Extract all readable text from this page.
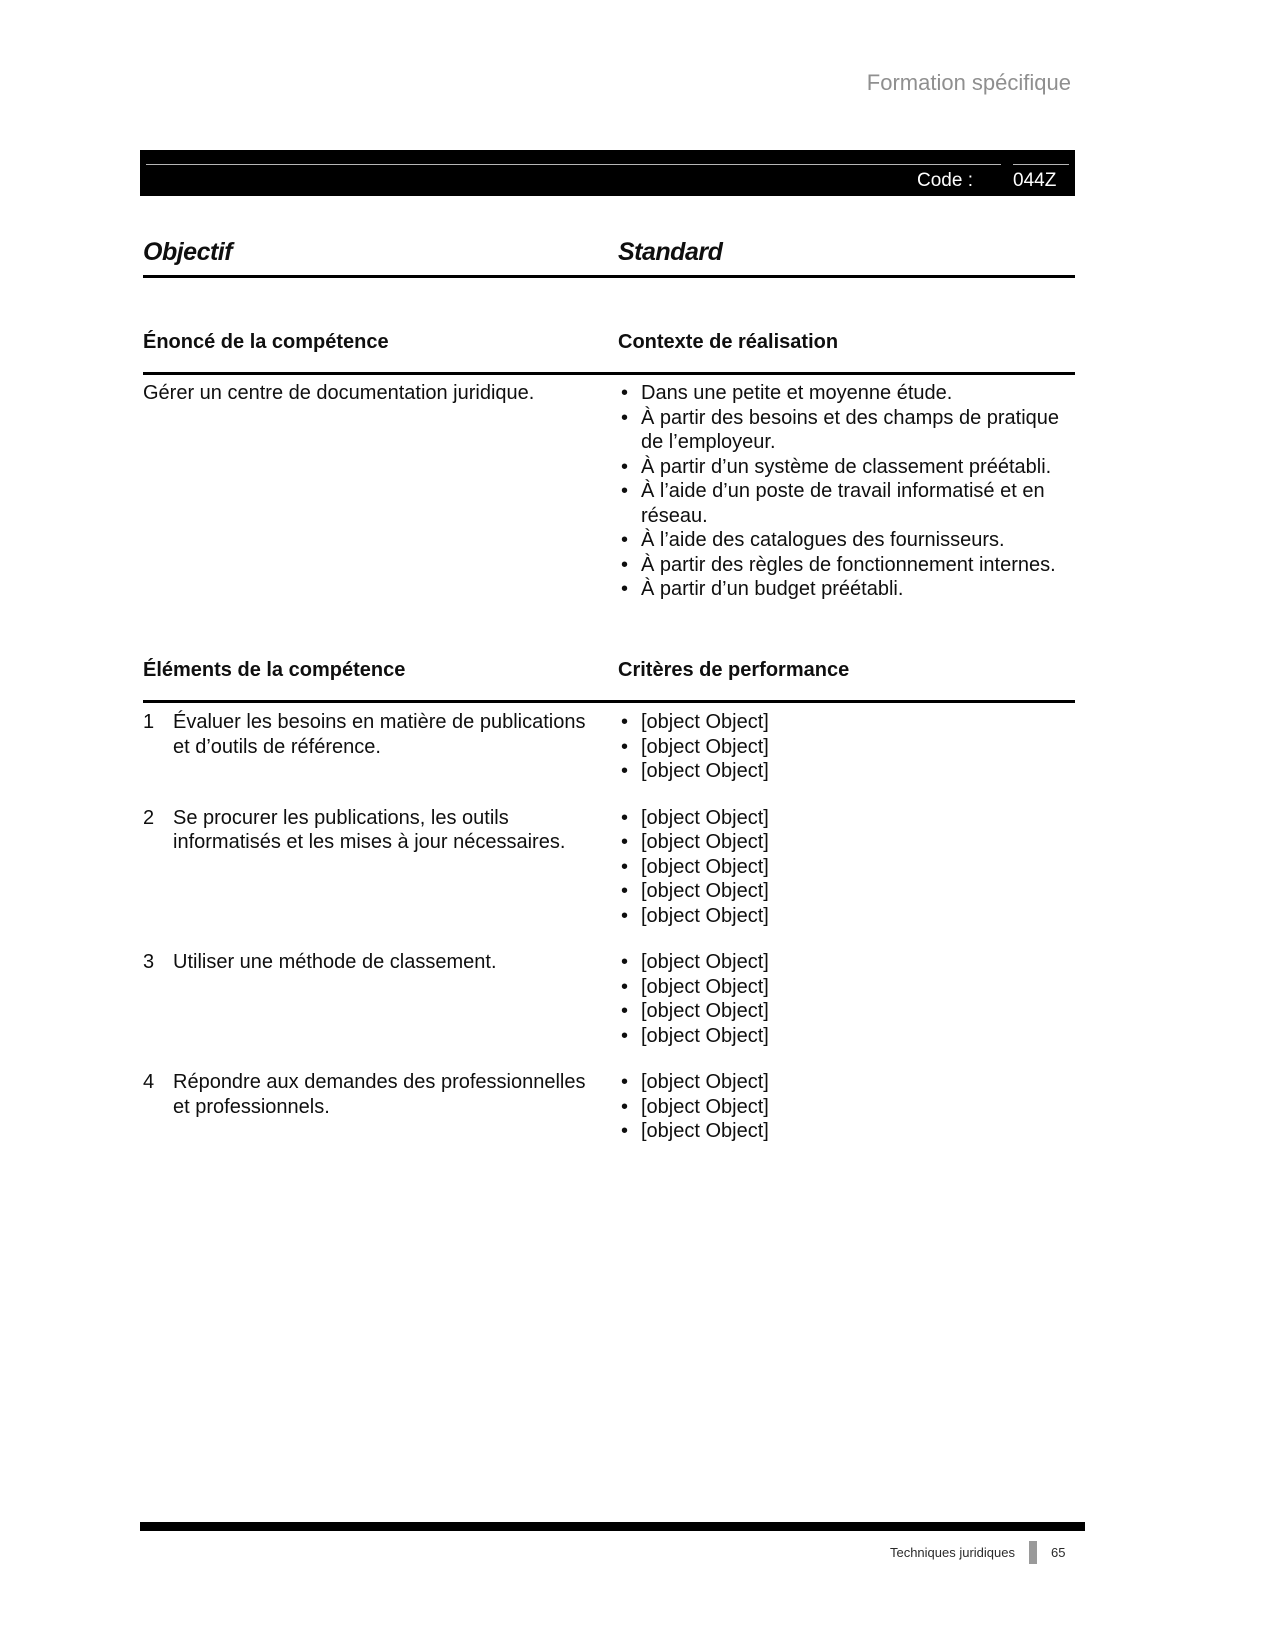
Formation spécifique
Code :	044Z
Objectif	Standard
Énoncé de la compétence	Contexte de réalisation
Gérer un centre de documentation juridique.	• Dans une petite et moyenne étude.
• À partir des besoins et des champs de pratique de l’employeur.
• À partir d’un système de classement préétabli.
• À l’aide d’un poste de travail informatisé et en réseau.
• À l’aide des catalogues des fournisseurs.
• À partir des règles de fonctionnement internes.
• À partir d’un budget préétabli.
Éléments de la compétence	Critères de performance
1 Évaluer les besoins en matière de publications et d’outils de référence.
• [object Object]
• [object Object]
• [object Object]
2 Se procurer les publications, les outils informatisés et les mises à jour nécessaires.
• [object Object]
• [object Object]
• [object Object]
• [object Object]
• [object Object]
3 Utiliser une méthode de classement.	• [object Object]
• [object Object]
• [object Object]
• [object Object]
4 Répondre aux demandes des professionnelles et professionnels.
• [object Object]
• [object Object]
• [object Object]
Techniques juridiques	65
